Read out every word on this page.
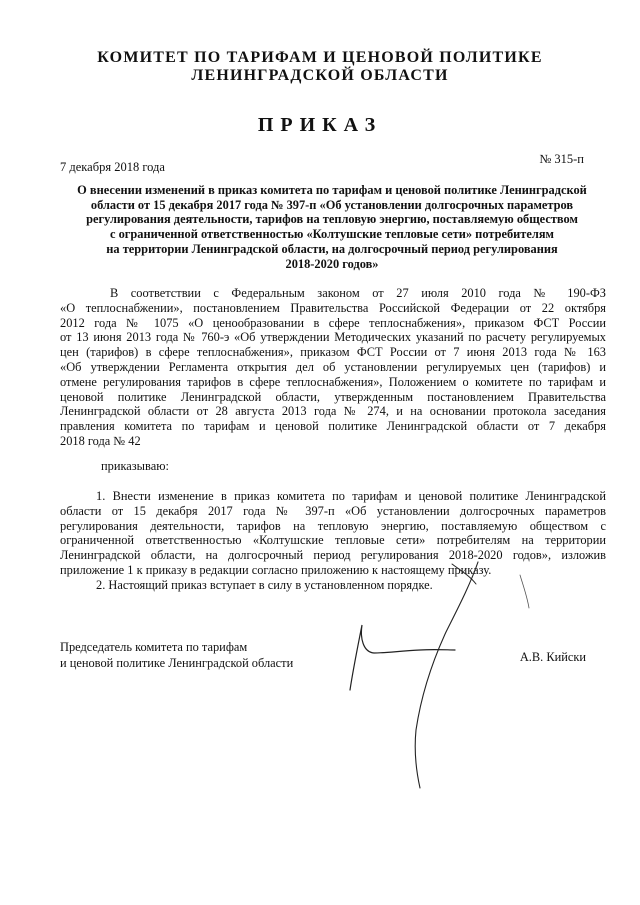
КОМИТЕТ ПО ТАРИФАМ И ЦЕНОВОЙ ПОЛИТИКЕ
ЛЕНИНГРАДСКОЙ ОБЛАСТИ
ПРИКАЗ
7 декабря 2018 года
№ 315-п
О внесении изменений в приказ комитета по тарифам и ценовой политике Ленинградской
области от 15 декабря 2017 года № 397-п «Об установлении долгосрочных параметров
регулирования деятельности, тарифов на тепловую энергию, поставляемую обществом
с ограниченной ответственностью «Колтушские тепловые сети» потребителям
на территории Ленинградской области, на долгосрочный период регулирования
2018-2020 годов»
В соответствии с Федеральным законом от 27 июля 2010 года № 190-ФЗ
«О теплоснабжении», постановлением Правительства Российской Федерации от 22 октября
2012 года № 1075 «О ценообразовании в сфере теплоснабжения», приказом ФСТ России
от 13 июня 2013 года № 760-э «Об утверждении Методических указаний по расчету регулируемых
цен (тарифов) в сфере теплоснабжения», приказом ФСТ России от 7 июня 2013 года № 163
«Об утверждении Регламента открытия дел об установлении регулируемых цен (тарифов) и
отмене регулирования тарифов в сфере теплоснабжения», Положением о комитете по тарифам и
ценовой политике Ленинградской области, утвержденным постановлением Правительства
Ленинградской области от 28 августа 2013 года № 274, и на основании протокола заседания
правления комитета по тарифам и ценовой политике Ленинградской области от 7 декабря
2018 года № 42
приказываю:
1. Внести изменение в приказ комитета по тарифам и ценовой политике Ленинградской
области от 15 декабря 2017 года № 397-п «Об установлении долгосрочных параметров
регулирования деятельности, тарифов на тепловую энергию, поставляемую обществом с
ограниченной ответственностью «Колтушские тепловые сети» потребителям на территории
Ленинградской области, на долгосрочный период регулирования 2018-2020 годов», изложив
приложение 1 к приказу в редакции согласно приложению к настоящему приказу.
2. Настоящий приказ вступает в силу в установленном порядке.
Председатель комитета по тарифам
и ценовой политике Ленинградской области	А.В. Кийски
